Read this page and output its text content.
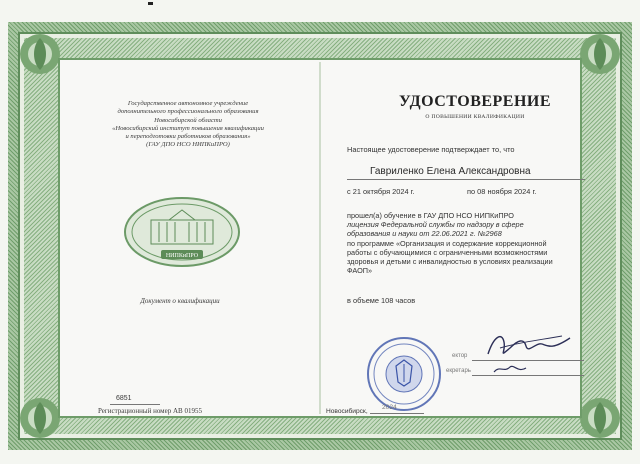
Государственное автономное учреждение
дополнительного профессионального образования
Новосибирской области
«Новосибирский институт повышения квалификации
и переподготовки работников образования»
(ГАУ ДПО НСО НИПКиПРО)
НИПКиПРО
Документ о квалификации
6851
Регистрационный номер АВ 01955
УДОСТОВЕРЕНИЕ
О ПОВЫШЕНИИ КВАЛИФИКАЦИИ
Настоящее удостоверение подтверждает то, что
Гавриленко Елена Александровна
с 21 октября 2024 г.	по 08 ноября 2024 г.
прошел(а) обучение в ГАУ ДПО НСО НИПКиПРО
лицензия Федеральной службы по надзору в сфере
образования и науки от 22.06.2021 г. №2968
по программе «Организация и содержание коррекционной
работы с обучающимися с ограниченными возможностями
здоровья и детьми с инвалидностью в условиях реализации
ФАОП»
в объеме 108 часов
ектор
екретарь
Новосибирск,
2024
